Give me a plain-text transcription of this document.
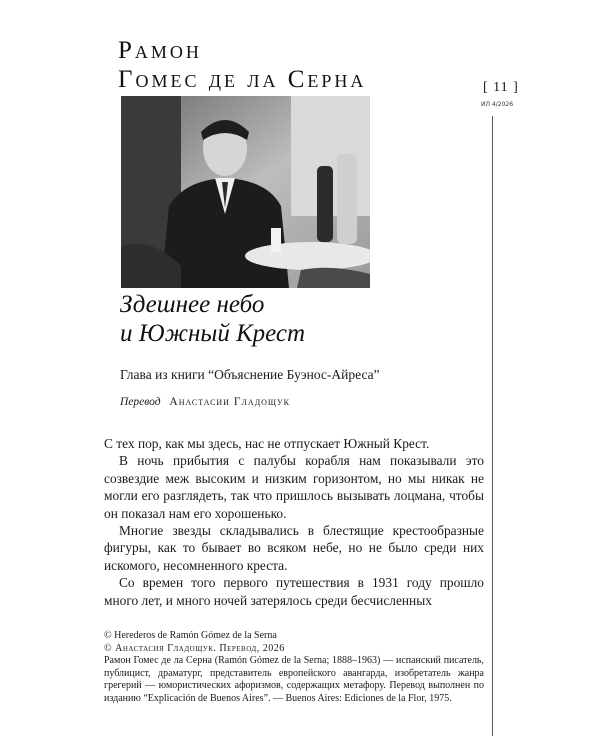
Рамон
Гомес де ла Серна
Здешнее небо
и Южный Крест
Глава из книги “Объяснение Буэнос-Айреса”
Перевод Анастасии Гладощук

С тех пор, как мы здесь, нас не отпускает Южный Крест.

В ночь прибытия с палубы корабля нам показывали это созвездие меж высоким и низким горизонтом, но мы никак не могли его разглядеть, так что пришлось вызывать лоцмана, чтобы он показал нам его хорошенько.

Многие звезды складывались в блестящие крестообразные фигуры, как то бывает во всяком небе, но не было среди них искомого, несомненного креста.

Со времен того первого путешествия в 1931 году прошло много лет, и много ночей затерялось среди бесчисленных

© Herederos de Ramón Gómez de la Serna
© Анастасия Гладощук. Перевод, 2026
Рамон Гомес де ла Серна (Ramón Gómez de la Serna; 1888–1963) — испанский писатель, публицист, драматург, представитель европейского авангарда, изобретатель жанра грегерий — юмористических афоризмов, содержащих метафору. Перевод выполнен по изданию “Explicación de Buenos Aires”. — Buenos Aires: Ediciones de la Flor, 1975.
[ 11 ]
ИЛ 4/2026
